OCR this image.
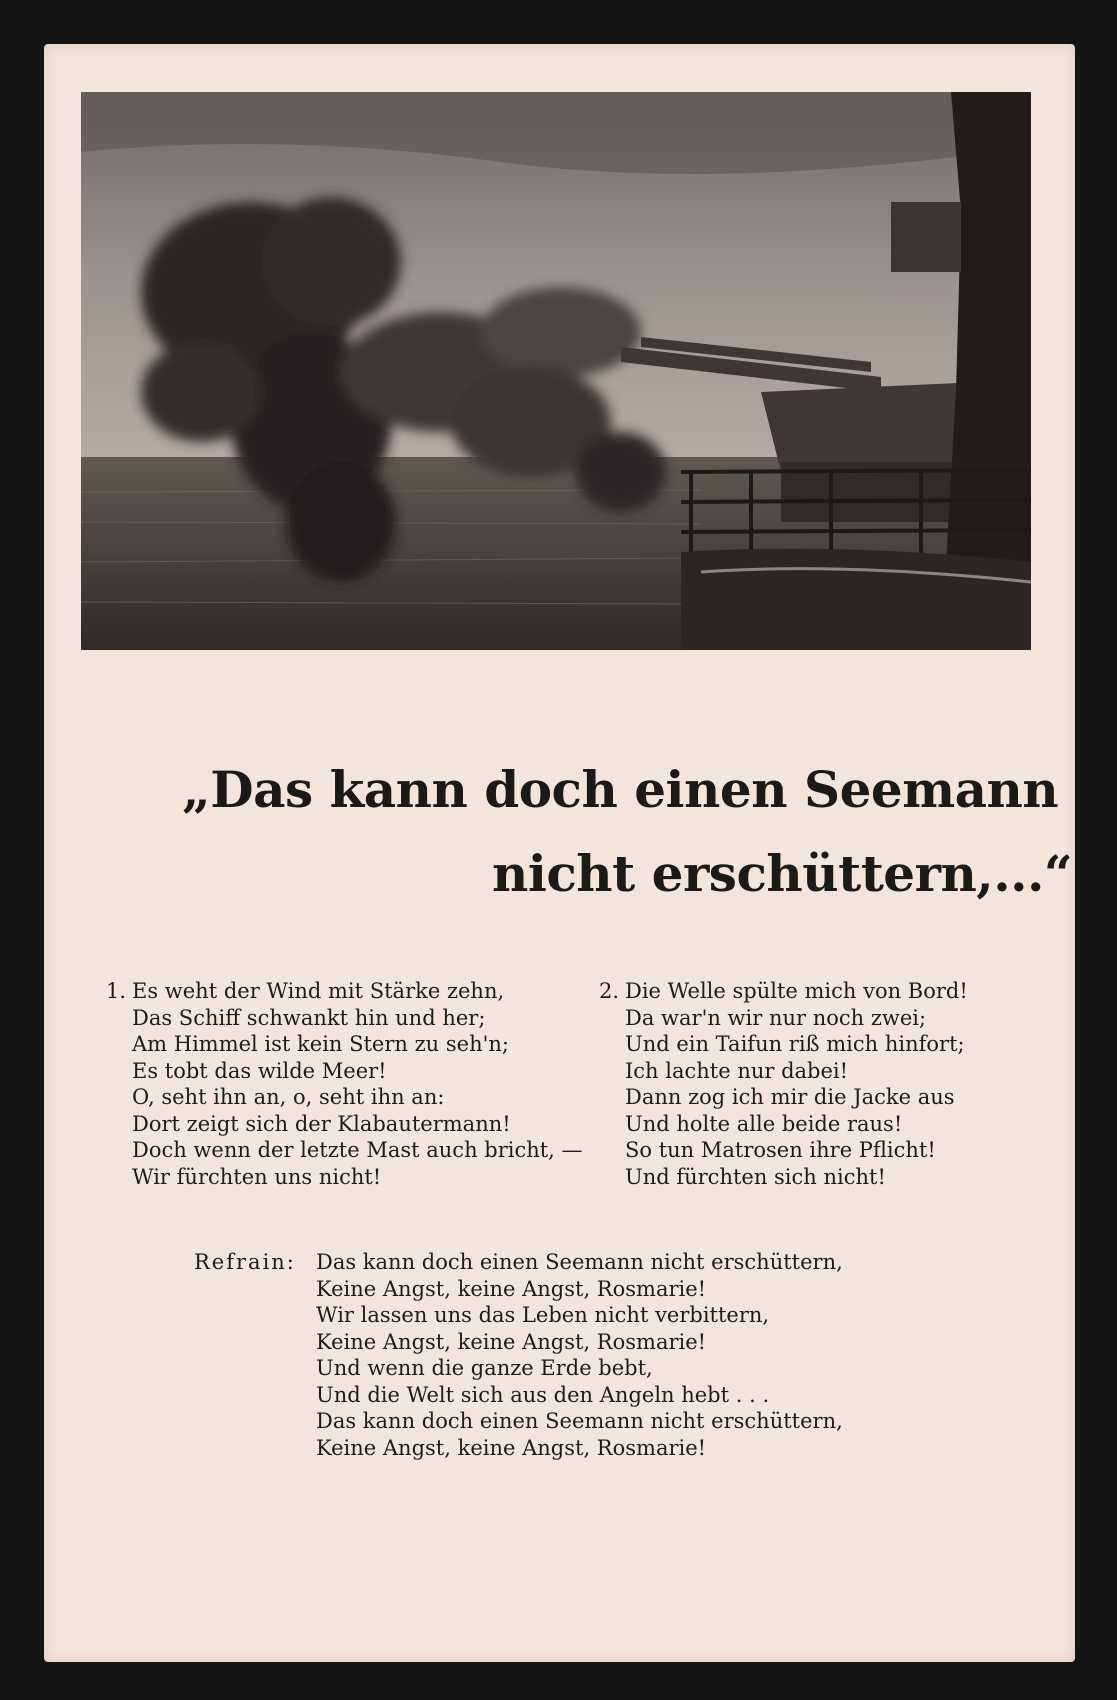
„Das kann doch einen Seemann
nicht erschüttern,...“
1. Es weht der Wind mit Stärke zehn,
Das Schiff schwankt hin und her;
Am Himmel ist kein Stern zu seh'n;
Es tobt das wilde Meer!
O, seht ihn an, o, seht ihn an:
Dort zeigt sich der Klabautermann!
Doch wenn der letzte Mast auch bricht, —
Wir fürchten uns nicht!
2. Die Welle spülte mich von Bord!
Da war'n wir nur noch zwei;
Und ein Taifun riß mich hinfort;
Ich lachte nur dabei!
Dann zog ich mir die Jacke aus
Und holte alle beide raus!
So tun Matrosen ihre Pflicht!
Und fürchten sich nicht!
Refrain: Das kann doch einen Seemann nicht erschüttern,
Keine Angst, keine Angst, Rosmarie!
Wir lassen uns das Leben nicht verbittern,
Keine Angst, keine Angst, Rosmarie!
Und wenn die ganze Erde bebt,
Und die Welt sich aus den Angeln hebt . . .
Das kann doch einen Seemann nicht erschüttern,
Keine Angst, keine Angst, Rosmarie!
